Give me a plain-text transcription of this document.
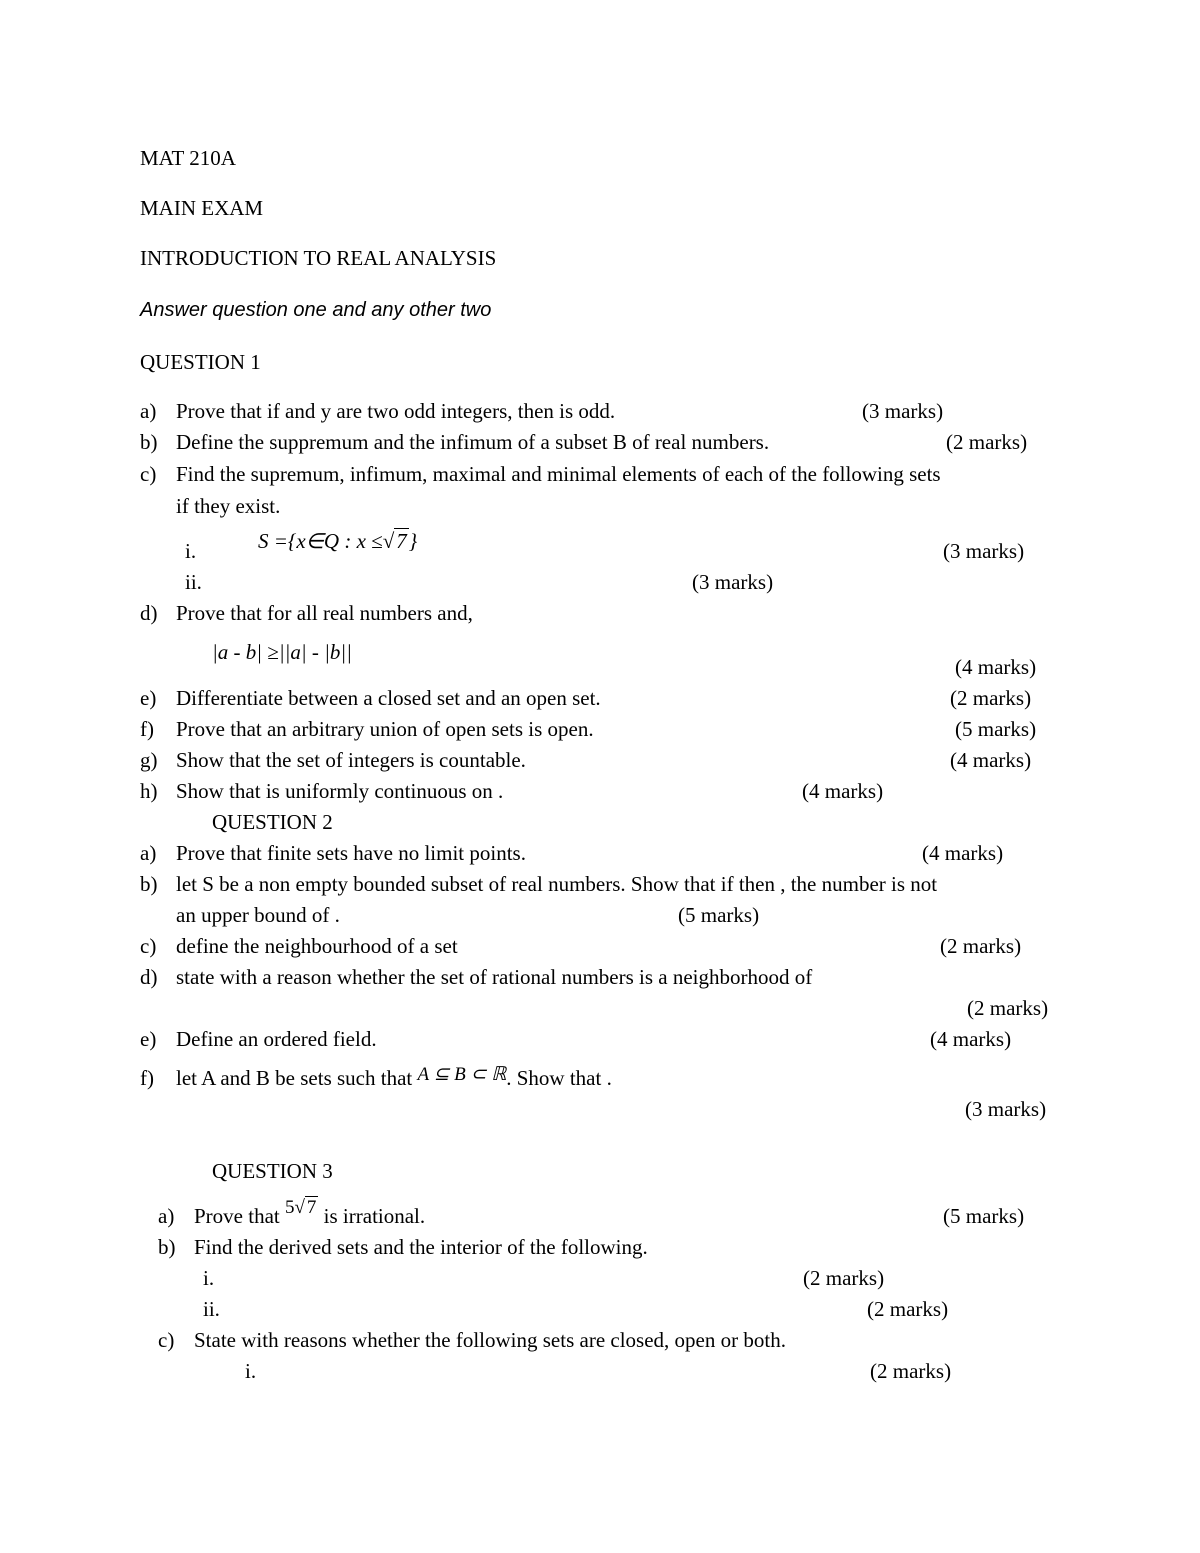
MAT 210A
MAIN EXAM
INTRODUCTION TO REAL ANALYSIS
Answer question one and any other two
QUESTION 1
a) Prove that if and y are two odd integers, then is odd.	(3 marks)
b) Define the suppremum and the infimum of a subset B of real numbers.	(2 marks)
c) Find the supremum, infimum, maximal and minimal elements of each of the following sets
if they exist.
i.	S ={x∈Q : x ≤√7}	(3 marks)
ii.	(3 marks)
d) Prove that for all real numbers and,
|a - b| ≥||a| - |b||
(4 marks)
e) Differentiate between a closed set and an open set.	(2 marks)
f) Prove that an arbitrary union of open sets is open.	(5 marks)
g) Show that the set of integers is countable.	(4 marks)
h) Show that is uniformly continuous on .	(4 marks)
QUESTION 2
a) Prove that finite sets have no limit points.	(4 marks)
b) let S be a non empty bounded subset of real numbers. Show that if then , the number is not
an upper bound of .	(5 marks)
c) define the neighbourhood of a set	(2 marks)
d) state with a reason whether the set of rational numbers is a neighborhood of
(2 marks)
e) Define an ordered field.	(4 marks)
f) let A and B be sets such that A ⊆ B ⊂ ℝ. Show that .
(3 marks)
QUESTION 3
a) Prove that 5√ 7 is irrational.	(5 marks)
b) Find the derived sets and the interior of the following.
i.	(2 marks)
ii.	(2 marks)
c) State with reasons whether the following sets are closed, open or both.
i.	(2 marks)
